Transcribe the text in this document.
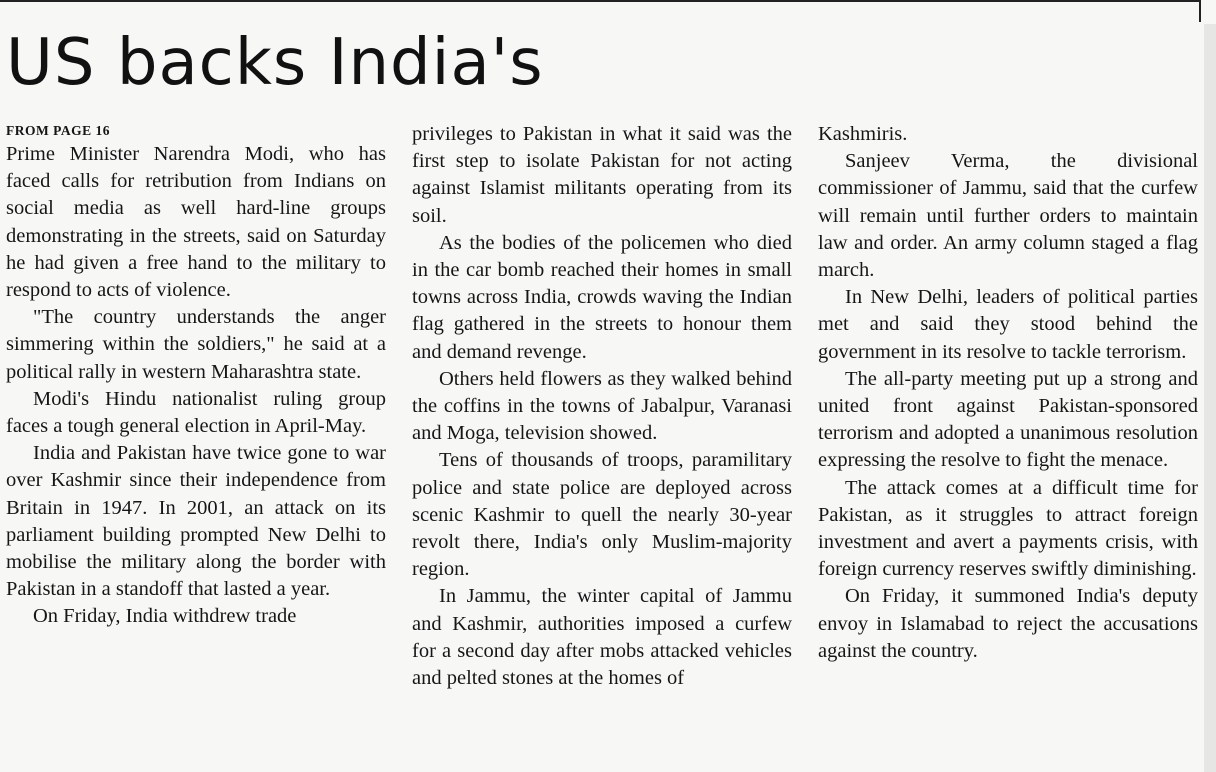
US backs India's
FROM PAGE 16

Prime Minister Narendra Modi, who has faced calls for retribution from Indians on social media as well hard-line groups demonstrating in the streets, said on Saturday he had given a free hand to the military to respond to acts of violence.

"The country understands the anger simmering within the soldiers," he said at a political rally in western Maharashtra state.

Modi's Hindu nationalist ruling group faces a tough general election in April-May.

India and Pakistan have twice gone to war over Kashmir since their independence from Britain in 1947. In 2001, an attack on its parliament building prompted New Delhi to mobilise the military along the border with Pakistan in a standoff that lasted a year.

On Friday, India withdrew trade

privileges to Pakistan in what it said was the first step to isolate Pakistan for not acting against Islamist militants operating from its soil.

As the bodies of the policemen who died in the car bomb reached their homes in small towns across India, crowds waving the Indian flag gathered in the streets to honour them and demand revenge.

Others held flowers as they walked behind the coffins in the towns of Jabalpur, Varanasi and Moga, television showed.

Tens of thousands of troops, paramilitary police and state police are deployed across scenic Kashmir to quell the nearly 30-year revolt there, India's only Muslim-majority region.

In Jammu, the winter capital of Jammu and Kashmir, authorities imposed a curfew for a second day after mobs attacked vehicles and pelted stones at the homes of

Kashmiris.

Sanjeev Verma, the divisional commissioner of Jammu, said that the curfew will remain until further orders to maintain law and order. An army column staged a flag march.

In New Delhi, leaders of political parties met and said they stood behind the government in its resolve to tackle terrorism.

The all-party meeting put up a strong and united front against Pakistan-sponsored terrorism and adopted a unanimous resolution expressing the resolve to fight the menace.

The attack comes at a difficult time for Pakistan, as it struggles to attract foreign investment and avert a payments crisis, with foreign currency reserves swiftly diminishing.

On Friday, it summoned India's deputy envoy in Islamabad to reject the accusations against the country.
